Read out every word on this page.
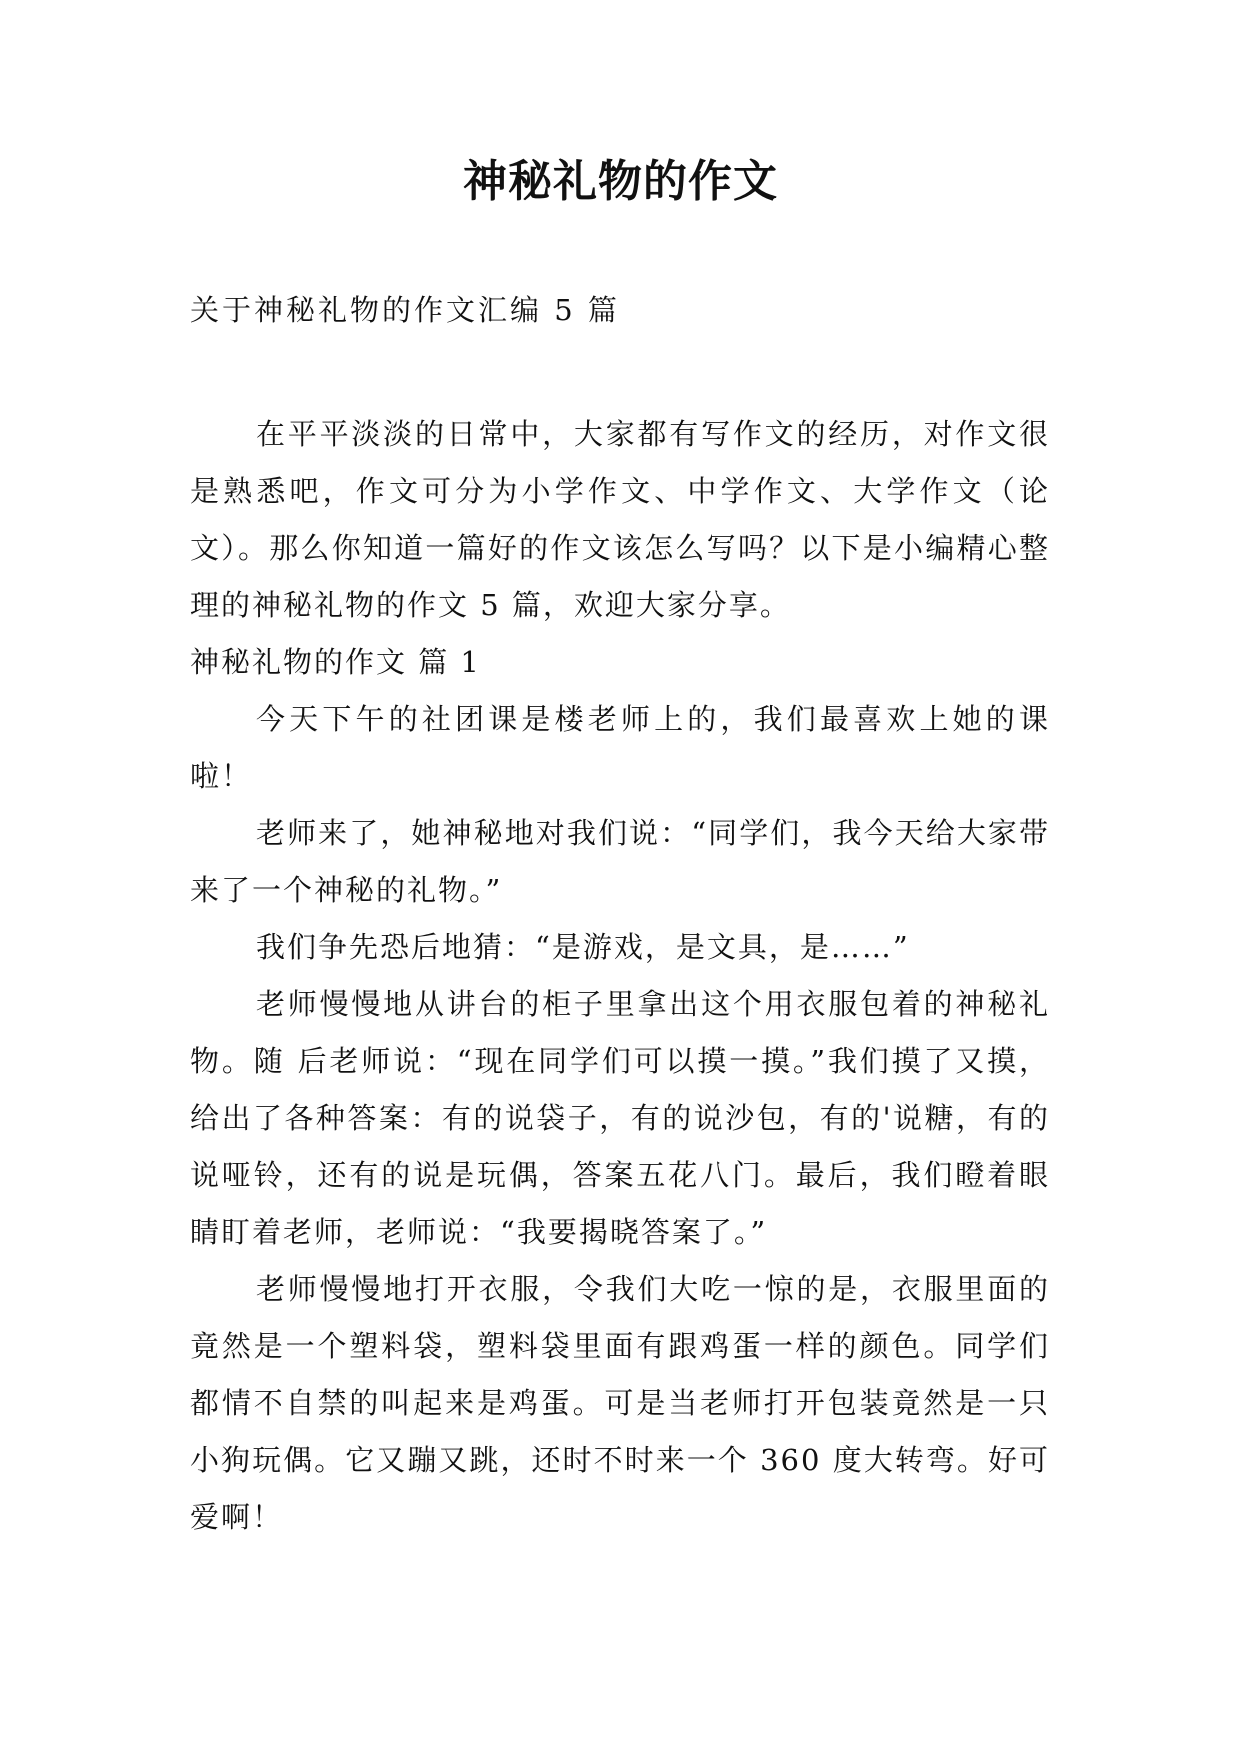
神秘礼物的作文

关于神秘礼物的作文汇编 5 篇

在平平淡淡的日常中，大家都有写作文的经历，对作文很是熟悉吧，作文可分为小学作文、中学作文、大学作文（论文）。那么你知道一篇好的作文该怎么写吗？以下是小编精心整理的神秘礼物的作文 5 篇，欢迎大家分享。

神秘礼物的作文 篇 1

今天下午的社团课是楼老师上的，我们最喜欢上她的课啦！

老师来了，她神秘地对我们说：“同学们，我今天给大家带来了一个神秘的礼物。”

我们争先恐后地猜：“是游戏，是文具，是……”

老师慢慢地从讲台的柜子里拿出这个用衣服包着的神秘礼物。随 后老师说：“现在同学们可以摸一摸。”我们摸了又摸，给出了各种答案：有的说袋子，有的说沙包，有的'说糖，有的说哑铃，还有的说是玩偶，答案五花八门。最后，我们瞪着眼睛盯着老师，老师说：“我要揭晓答案了。”

老师慢慢地打开衣服，令我们大吃一惊的是，衣服里面的竟然是一个塑料袋，塑料袋里面有跟鸡蛋一样的颜色。同学们都情不自禁的叫起来是鸡蛋。可是当老师打开包装竟然是一只小狗玩偶。它又蹦又跳，还时不时来一个 360 度大转弯。好可爱啊！
